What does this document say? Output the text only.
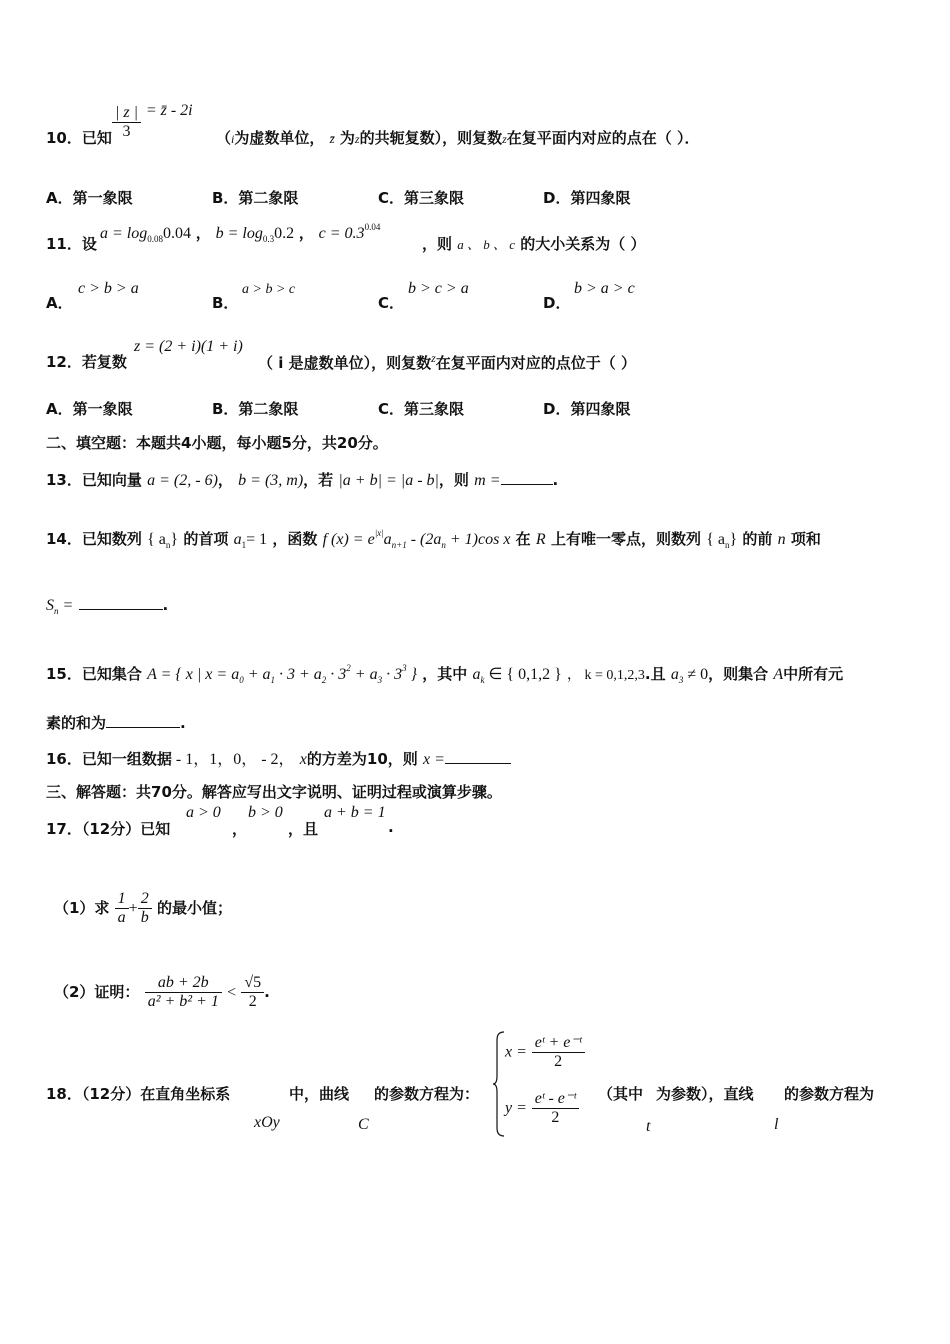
10．已知 $\frac{| z |}{3}$ = z̄ - 2i
（i为虚数单位， z̄ 为z的共轭复数），则复数z在复平面内对应的点在（ ）．
A．第一象限	B．第二象限	C．第三象限	D．第四象限
11．设
$a = \log_{0.08}0.04$ ， $b = \log_{0.3}0.2$ ， $c = 0.3^{0.04}$
，则 a 、 b 、 c 的大小关系为（ ）
A．
c > b > a
B．
a > b > c
C．
b > c > a
D．
b > a > c
12．若复数
z = (2 + i)(1 + i)
（ i 是虚数单位），则复数$^z$在复平面内对应的点位于（ ）
A．第一象限	B．第二象限	C．第三象限	D．第四象限
二、填空题：本题共4小题，每小题5分，共20分。
13．已知向量 a = (2, - 6)， b = (3, m)，若 |a + b| = |a - b|，则 m =	.
14．已知数列 { $a_n$} 的首项 $a_1= 1$ ，函数 f $(x) = e^{|x|}a_{n+1} - (2a_n + 1)\cos$ x 在 R 上有唯一零点，则数列 { $a_n$} 的前 n 项和
$S_n$ =	.
15．已知集合 A = { x | $x = a_0 + a_1 \cdot 3 + a_2 \cdot 3^2 + a_3 \cdot 3^3$ } ，其中 $a_k$ ∈ { 0,1,2 } ， k = 0,1,2,3.且 $a_3 \ne 0$，则集合 A中所有元
素的和为	.
16．已知一组数据 - 1，1，0， - 2， x的方差为10，则 x =
三、解答题：共70分。解答应写出文字说明、证明过程或演算步骤。
17．（12分）已知
a > 0
，
b > 0
，且
a + b = 1
.
（1）求 $\frac{1}{a} + \frac{2}{b}$ 的最小值；
（2）证明： $\frac{ab + 2b}{\text{a² + b² + 1}} < \frac{√5}{2}$ .
18．（12分）在直角坐标系	中，曲线 的参数方程为：
xOy	C
$x = \frac{\text{eᵗ + e⁻ᵗ}}{2}$
$y = \frac{\text{eᵗ - e⁻ᵗ}}{2}$ （其中 为参数），直线 的参数方程为
t	l
